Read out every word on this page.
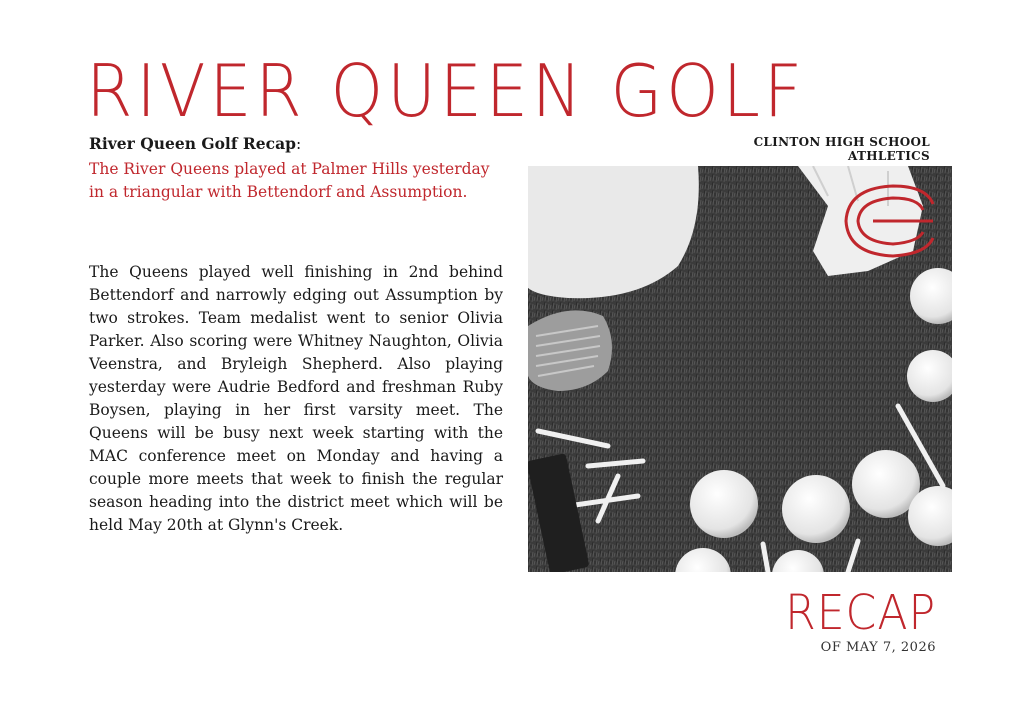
RIVER QUEEN GOLF
CLINTON HIGH SCHOOL ATHLETICS
River Queen Golf Recap:
The River Queens played at Palmer Hills yesterday in a triangular with Bettendorf and Assumption.
The Queens played well finishing in 2nd behind Bettendorf and narrowly edging out Assumption by two strokes. Team medalist went to senior Olivia Parker. Also scoring were Whitney Naughton, Olivia Veenstra, and Bryleigh Shepherd. Also playing yesterday were Audrie Bedford and freshman Ruby Boysen, playing in her first varsity meet. The Queens will be busy next week starting with the MAC conference meet on Monday and having a couple more meets that week to finish the regular season heading into the district meet which will be held May 20th at Glynn's Creek.
RECAP
OF MAY 7, 2026
